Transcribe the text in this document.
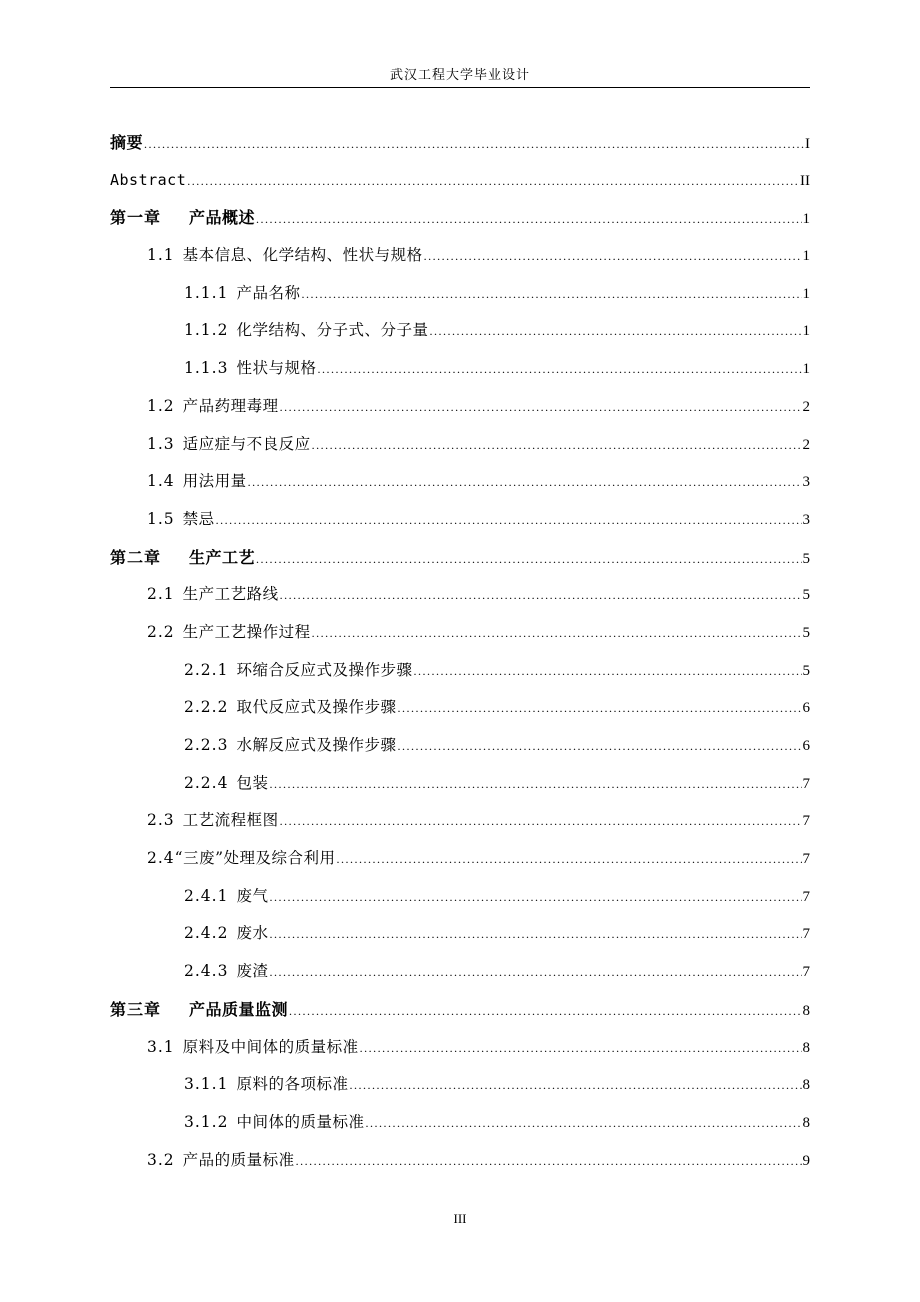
武汉工程大学毕业设计
摘要 .....	I
Abstract .....	II
第一章 产品概述 .....	1
1.1 基本信息、化学结构、性状与规格 .....	1
1.1.1 产品名称 .....	1
1.1.2 化学结构、分子式、分子量 .....	1
1.1.3 性状与规格 .....	1
1.2 产品药理毒理 .....	2
1.3 适应症与不良反应 .....	2
1.4 用法用量 .....	3
1.5 禁忌 .....	3
第二章 生产工艺 .....	5
2.1 生产工艺路线 .....	5
2.2 生产工艺操作过程 .....	5
2.2.1 环缩合反应式及操作步骤 .....	5
2.2.2 取代反应式及操作步骤 .....	6
2.2.3 水解反应式及操作步骤 .....	6
2.2.4 包装 .....	7
2.3 工艺流程框图 .....	7
2.4 “三废”处理及综合利用 .....	7
2.4.1 废气 .....	7
2.4.2 废水 .....	7
2.4.3 废渣 .....	7
第三章 产品质量监测 .....	8
3.1 原料及中间体的质量标准 .....	8
3.1.1 原料的各项标准 .....	8
3.1.2 中间体的质量标准 .....	8
3.2 产品的质量标准 .....	9
III
